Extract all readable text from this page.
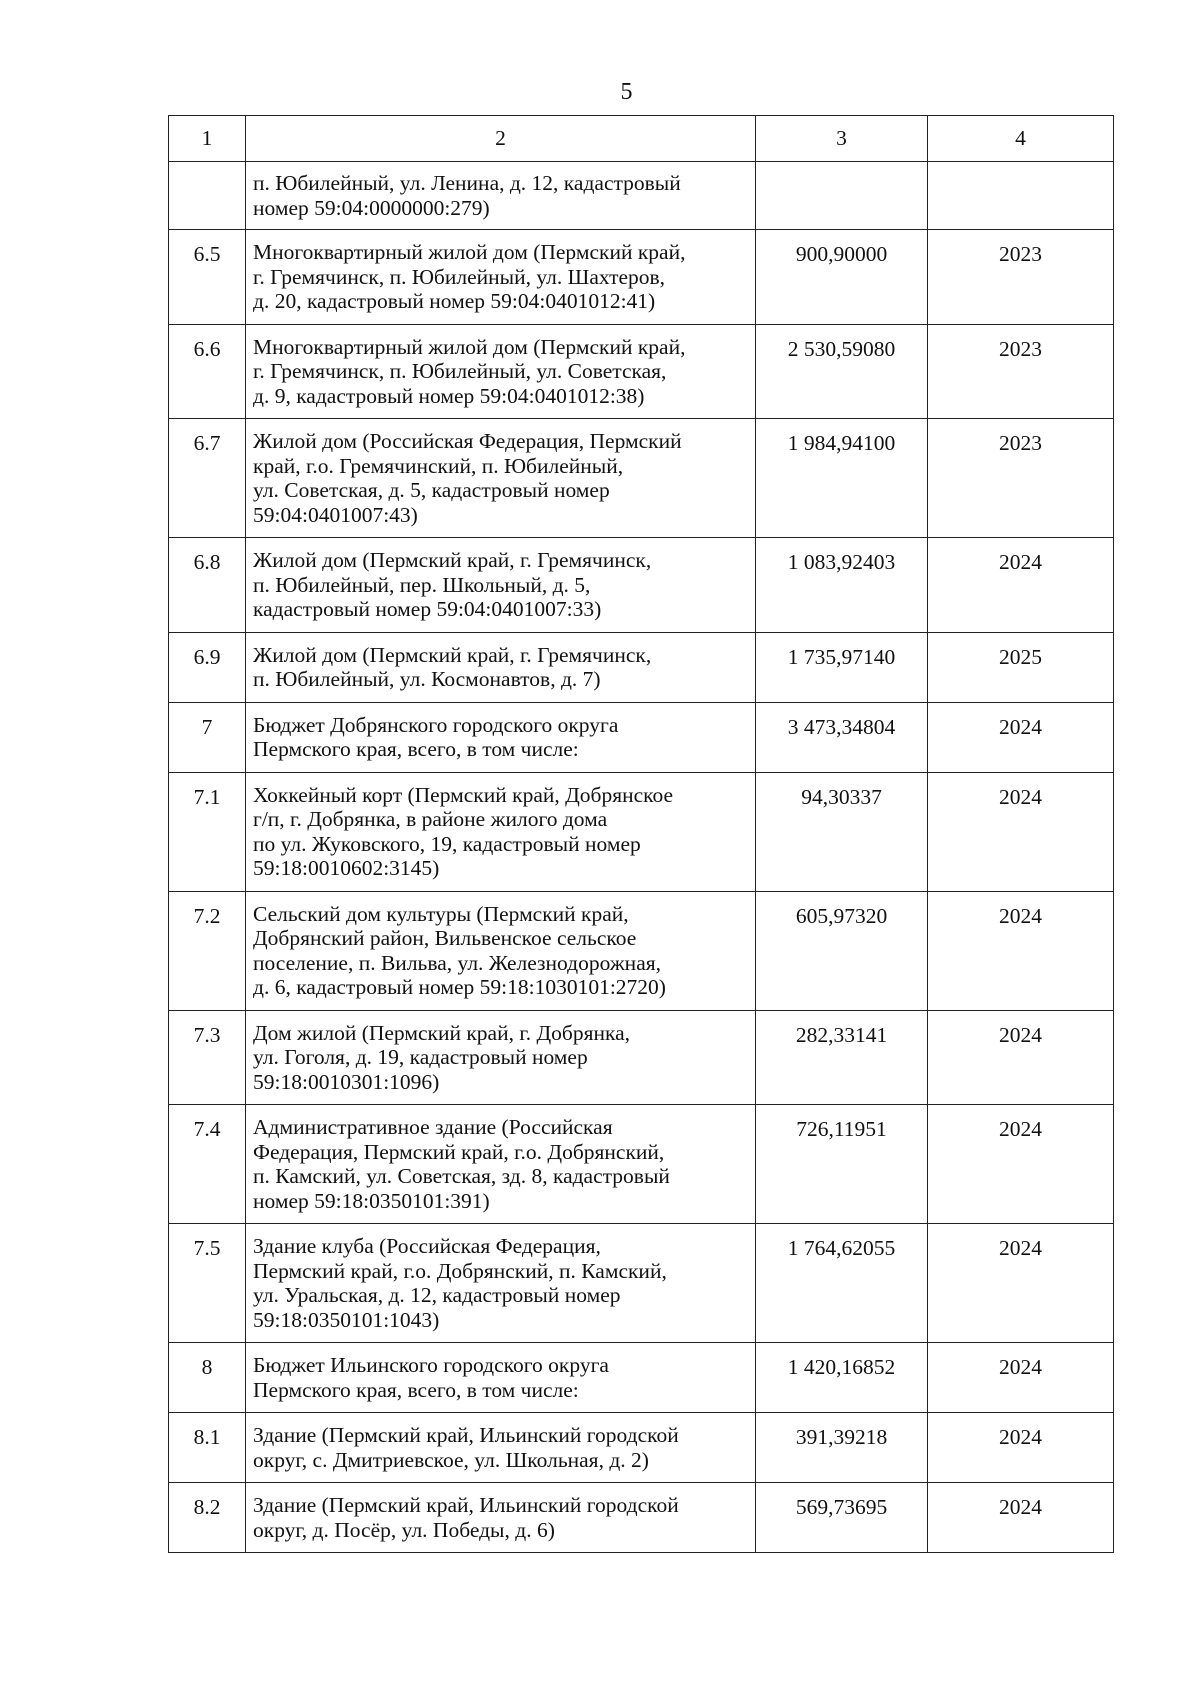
5
1	2	3	4

	п. Юбилейный, ул. Ленина, д. 12, кадастровый
номер 59:04:0000000:279)		

6.5	Многоквартирный жилой дом (Пермский край,
г. Гремячинск, п. Юбилейный, ул. Шахтеров,
д. 20, кадастровый номер 59:04:0401012:41)	900,90000	2023
6.6	Многоквартирный жилой дом (Пермский край,
г. Гремячинск, п. Юбилейный, ул. Советская,
д. 9, кадастровый номер 59:04:0401012:38)	2 530,59080	2023
6.7	Жилой дом (Российская Федерация, Пермский
край, г.о. Гремячинский, п. Юбилейный,
ул. Советская, д. 5, кадастровый номер
59:04:0401007:43)	1 984,94100	2023
6.8	Жилой дом (Пермский край, г. Гремячинск,
п. Юбилейный, пер. Школьный, д. 5,
кадастровый номер 59:04:0401007:33)	1 083,92403	2024
6.9	Жилой дом (Пермский край, г. Гремячинск,
п. Юбилейный, ул. Космонавтов, д. 7)	1 735,97140	2025
7	Бюджет Добрянского городского округа
Пермского края, всего, в том числе:	3 473,34804	2024
7.1	Хоккейный корт (Пермский край, Добрянское
г/п, г. Добрянка, в районе жилого дома
по ул. Жуковского, 19, кадастровый номер
59:18:0010602:3145)	94,30337	2024
7.2	Сельский дом культуры (Пермский край,
Добрянский район, Вильвенское сельское
поселение, п. Вильва, ул. Железнодорожная,
д. 6, кадастровый номер 59:18:1030101:2720)	605,97320	2024
7.3	Дом жилой (Пермский край, г. Добрянка,
ул. Гоголя, д. 19, кадастровый номер
59:18:0010301:1096)	282,33141	2024
7.4	Административное здание (Российская
Федерация, Пермский край, г.о. Добрянский,
п. Камский, ул. Советская, зд. 8, кадастровый
номер 59:18:0350101:391)	726,11951	2024
7.5	Здание клуба (Российская Федерация,
Пермский край, г.о. Добрянский, п. Камский,
ул. Уральская, д. 12, кадастровый номер
59:18:0350101:1043)	1 764,62055	2024
8	Бюджет Ильинского городского округа
Пермского края, всего, в том числе:	1 420,16852	2024
8.1	Здание (Пермский край, Ильинский городской
округ, с. Дмитриевское, ул. Школьная, д. 2)	391,39218	2024
8.2	Здание (Пермский край, Ильинский городской
округ, д. Посёр, ул. Победы, д. 6)	569,73695	2024
